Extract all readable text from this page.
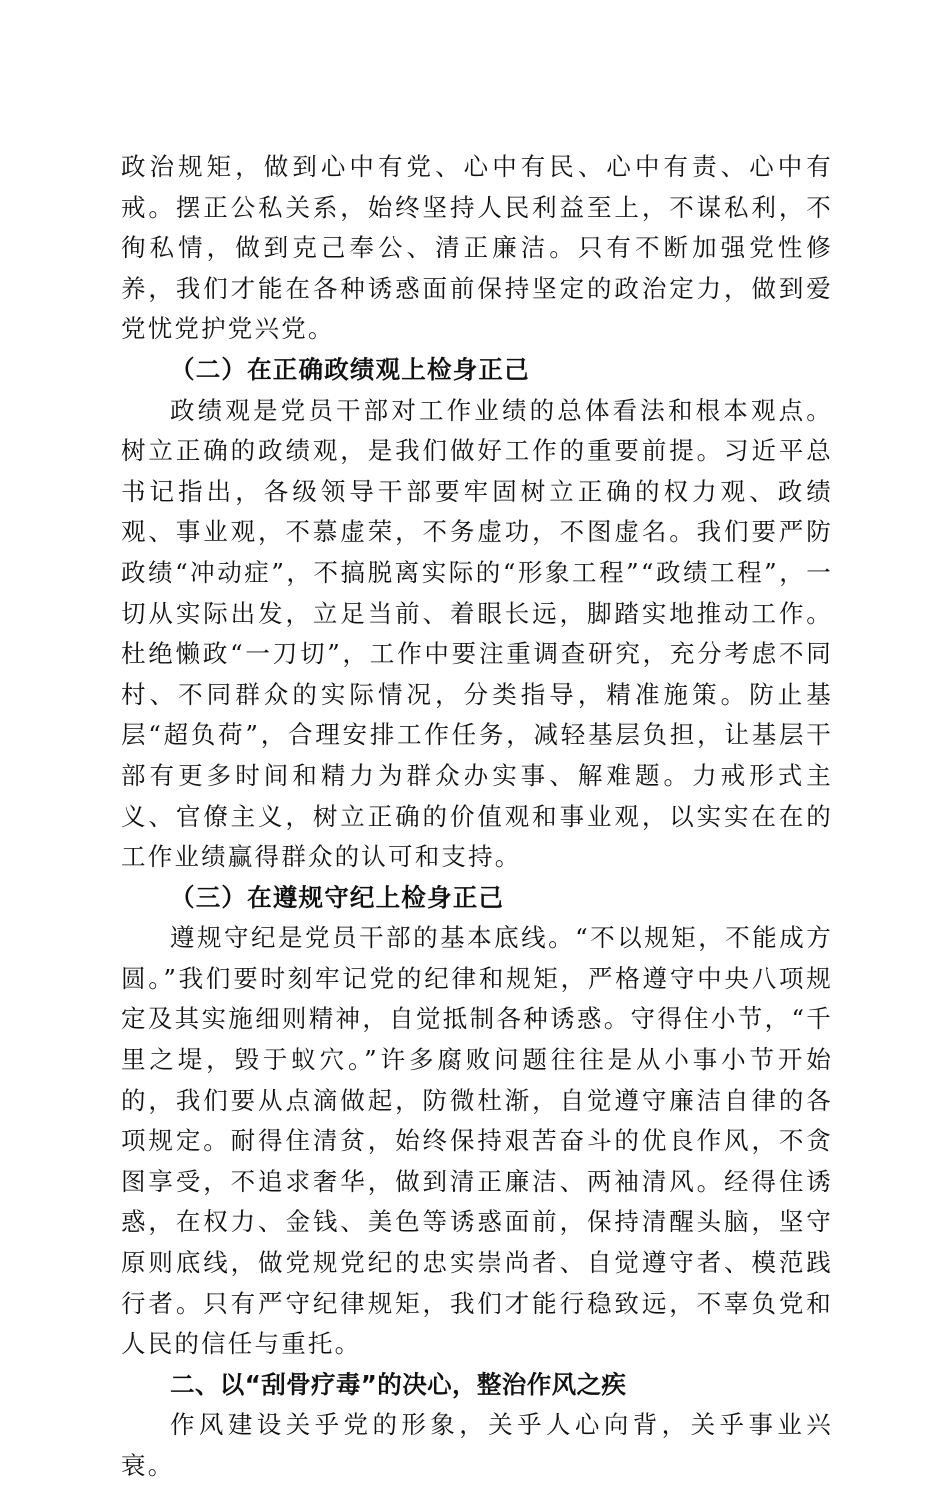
政治规矩，做到心中有党、心中有民、心中有责、心中有戒。摆正公私关系，始终坚持人民利益至上，不谋私利，不徇私情，做到克己奉公、清正廉洁。只有不断加强党性修养，我们才能在各种诱惑面前保持坚定的政治定力，做到爱党忧党护党兴党。

（二）在正确政绩观上检身正己

政绩观是党员干部对工作业绩的总体看法和根本观点。树立正确的政绩观，是我们做好工作的重要前提。习近平总书记指出，各级领导干部要牢固树立正确的权力观、政绩观、事业观，不慕虚荣，不务虚功，不图虚名。我们要严防政绩“冲动症”，不搞脱离实际的“形象工程”“政绩工程”，一切从实际出发，立足当前、着眼长远，脚踏实地推动工作。杜绝懒政“一刀切”，工作中要注重调查研究，充分考虑不同村、不同群众的实际情况，分类指导，精准施策。防止基层“超负荷”，合理安排工作任务，减轻基层负担，让基层干部有更多时间和精力为群众办实事、解难题。力戒形式主义、官僚主义，树立正确的价值观和事业观，以实实在在的工作业绩赢得群众的认可和支持。

（三）在遵规守纪上检身正己

遵规守纪是党员干部的基本底线。“不以规矩，不能成方圆。”我们要时刻牢记党的纪律和规矩，严格遵守中央八项规定及其实施细则精神，自觉抵制各种诱惑。守得住小节，“千里之堤，毁于蚁穴。”许多腐败问题往往是从小事小节开始的，我们要从点滴做起，防微杜渐，自觉遵守廉洁自律的各项规定。耐得住清贫，始终保持艰苦奋斗的优良作风，不贪图享受，不追求奢华，做到清正廉洁、两袖清风。经得住诱惑，在权力、金钱、美色等诱惑面前，保持清醒头脑，坚守原则底线，做党规党纪的忠实崇尚者、自觉遵守者、模范践行者。只有严守纪律规矩，我们才能行稳致远，不辜负党和人民的信任与重托。

二、以“刮骨疗毒”的决心，整治作风之疾

作风建设关乎党的形象，关乎人心向背，关乎事业兴衰。
